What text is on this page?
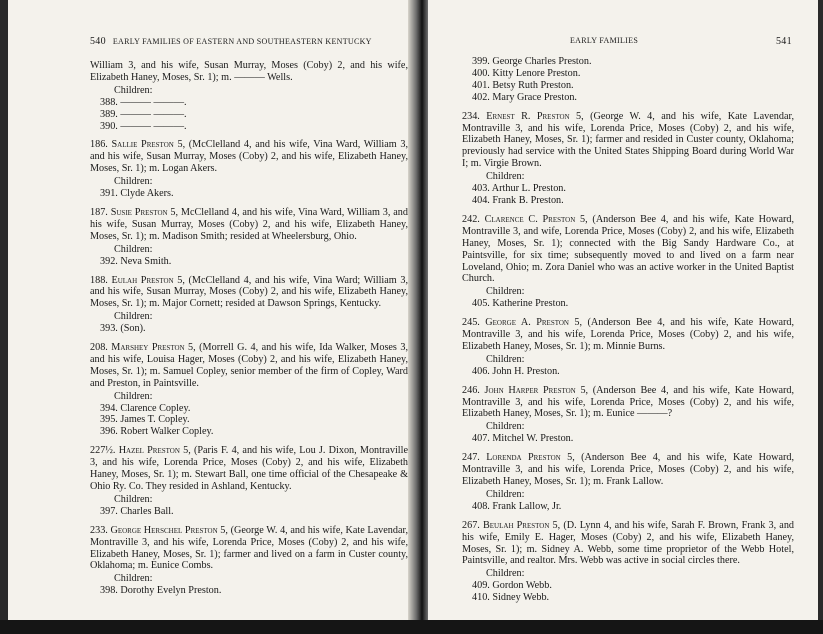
540 EARLY FAMILIES OF EASTERN AND SOUTHEASTERN KENTUCKY
William 3, and his wife, Susan Murray, Moses (Coby) 2, and his wife, Elizabeth Haney, Moses, Sr. 1); m. ——— Wells.
Children:
388. ——— ———.
389. ——— ———.
390. ——— ———.
186. Sallie Preston 5, (McClelland 4, and his wife, Vina Ward, William 3, and his wife, Susan Murray, Moses (Coby) 2, and his wife, Elizabeth Haney, Moses, Sr. 1); m. Logan Akers.
Children:
391. Clyde Akers.
187. Susie Preston 5, McClelland 4, and his wife, Vina Ward, William 3, and his wife, Susan Murray, Moses (Coby) 2, and his wife, Elizabeth Haney, Moses, Sr. 1); m. Madison Smith; resided at Wheelersburg, Ohio.
Children:
392. Neva Smith.
188. Eulah Preston 5, (McClelland 4, and his wife, Vina Ward; William 3, and his wife, Susan Murray, Moses (Coby) 2, and his wife, Elizabeth Haney, Moses, Sr. 1); m. Major Cornett; resided at Dawson Springs, Kentucky.
Children:
393. (Son).
208. Marshey Preston 5, (Morrell G. 4, and his wife, Ida Walker, Moses 3, and his wife, Louisa Hager, Moses (Coby) 2, and his wife, Elizabeth Haney, Moses, Sr. 1); m. Samuel Copley, senior member of the firm of Copley, Ward and Preston, in Paintsville.
Children:
394. Clarence Copley.
395. James T. Copley.
396. Robert Walker Copley.
227½. Hazel Preston 5, (Paris F. 4, and his wife, Lou J. Dixon, Montraville 3, and his wife, Lorenda Price, Moses (Coby) 2, and his wife, Elizabeth Haney, Moses, Sr. 1); m. Stewart Ball, one time official of the Chesapeake & Ohio Ry. Co. They resided in Ashland, Kentucky.
Children:
397. Charles Ball.
233. George Herschel Preston 5, (George W. 4, and his wife, Kate Lavendar, Montraville 3, and his wife, Lorenda Price, Moses (Coby) 2, and his wife, Elizabeth Haney, Moses, Sr. 1); farmer and lived on a farm in Custer county, Oklahoma; m. Eunice Combs.
Children:
398. Dorothy Evelyn Preston.
EARLY FAMILIES	541
399. George Charles Preston.
400. Kitty Lenore Preston.
401. Betsy Ruth Preston.
402. Mary Grace Preston.
234. Ernest R. Preston 5, (George W. 4, and his wife, Kate Lavendar, Montraville 3, and his wife, Lorenda Price, Moses (Coby) 2, and his wife, Elizabeth Haney, Moses, Sr. 1); farmer and resided in Custer county, Oklahoma; previously had service with the United States Shipping Board during World War I; m. Virgie Brown.
Children:
403. Arthur L. Preston.
404. Frank B. Preston.
242. Clarence C. Preston 5, (Anderson Bee 4, and his wife, Kate Howard, Montraville 3, and wife, Lorenda Price, Moses (Coby) 2, and his wife, Elizabeth Haney, Moses, Sr. 1); connected with the Big Sandy Hardware Co., at Paintsville, for six time; subsequently moved to and lived on a farm near Loveland, Ohio; m. Zora Daniel who was an active worker in the United Baptist Church.
Children:
405. Katherine Preston.
245. George A. Preston 5, (Anderson Bee 4, and his wife, Kate Howard, Montraville 3, and his wife, Lorenda Price, Moses (Coby) 2, and his wife, Elizabeth Haney, Moses, Sr. 1); m. Minnie Burns.
Children:
406. John H. Preston.
246. John Harper Preston 5, (Anderson Bee 4, and his wife, Kate Howard, Montraville 3, and his wife, Lorenda Price, Moses (Coby) 2, and his wife, Elizabeth Haney, Moses, Sr. 1); m. Eunice ———?
Children:
407. Mitchel W. Preston.
247. Lorenda Preston 5, (Anderson Bee 4, and his wife, Kate Howard, Montraville 3, and his wife, Lorenda Price, Moses (Coby) 2, and his wife, Elizabeth Haney, Moses, Sr. 1); m. Frank Lallow.
Children:
408. Frank Lallow, Jr.
267. Beulah Preston 5, (D. Lynn 4, and his wife, Sarah F. Brown, Frank 3, and his wife, Emily E. Hager, Moses (Coby) 2, and his wife, Elizabeth Haney, Moses, Sr. 1); m. Sidney A. Webb, some time proprietor of the Webb Hotel, Paintsville, and realtor. Mrs. Webb was active in social circles there.
Children:
409. Gordon Webb.
410. Sidney Webb.
